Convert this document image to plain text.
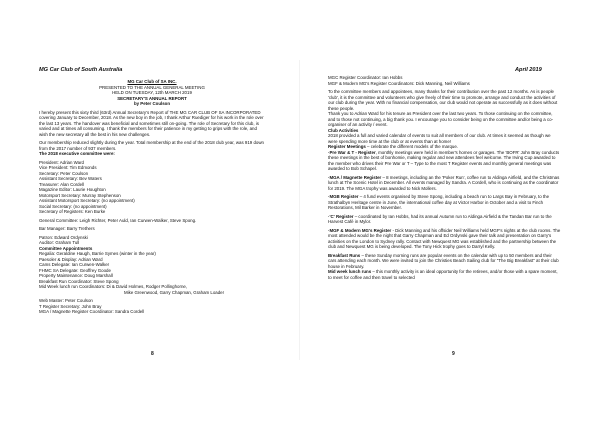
MG Car Club of South Australia

MG Car Club of SA INC.

PRESENTED TO THE ANNUAL GENERAL MEETING

HELD ON TUESDAY, 12th MARCH 2019

SECRETARY'S ANNUAL REPORT

by Peter Coulson

I hereby present this sixty third (63rd) Annual Secretary's Report of THE MG CAR CLUB OF SA INCORPORATED covering January to December, 2018. As the new boy in the job, I thank Arthur Ruediger for his work in the role over the last 13 years. The handover was beneficial and sometimes still on-going. The role of Secretary for this club, is varied and at times all consuming. I thank the members for their patience in my getting to grips with the role, and wish the new secretary all the best in his new challenges.

Our membership reduced slightly during the year. Total membership at the end of the 2018 club year, was 919 down from the 2017 number of 937 members.

The 2018 executive committee were:

President: Adrian Ward

Vice President: Tim Edmonds

Secretary: Peter Coulson

Assistant Secretary: Bev Waters

Treasurer: Alan Cordell

Magazine Editor: Laurie Houghton

Motorsport Secretary: Murray Stephenson

Assistant Motorsport Secretary: (no appointment)

Social Secretary: (no appointment)

Secretary of Registers: Ken Burke

General Committee: Leigh Richter, Peter Auld, Ian Curwen-Walker, Steve Spong.

Bar Manager: Barry Trethers

Patron: Edward Ordynski

Auditor: Graham Tull

Committee Appointments

Regalia: Geraldine Haugh, Barrie Symes (winter in the year)

Paesoler & Display: Adrian Ward

Cams Delegate: Ian Curwen-Walker

FHMC SA Delegate: Geoffrey Goode

Property Maintenance: Doug Marshall

Breakfast Run Coordinator: Steve Spong

Mid Week lunch run Coordinators: Di & David Holmes, Rodger Pollinghorne,

Mike Greenwood, Garry Chapman, Graham Loader

Web Master: Peter Coulson

T Register Secretary: John Bray

MGA / Magnette Register Coordinator: Sandra Cordell

8
April 2019

MGC Register Coordinator: Ian Hobbs

MGF & Modern MG's Register Coordinators: Dick Manning, Neil Williams

To the committee members and appointees, many thanks for their contribution over the past 12 months. As is people 'club', it is the committee and volunteers who give freely of their time to promote, arrange and conduct the activities of our club during the year. With no financial compensation, our club would not operate as successfully as it does without these people.

Thank you to Adrian Ward for his tenure as President over the last two years. To those continuing on the committee, and to those not continuing, a big thank you. I encourage you to consider being on the committee and/or being a co-organiser of an activity / event.

Club Activities

2018 provided a full and varied calendar of events to suit all members of our club. At times it seemed as though we were spending more time at the club or at events than at home!

Register Meetings – celebrate the different models of the marque.

·Pre War & T - Register, monthly meetings were held in member's homes or garages. The 'BOFR' John Bray conducts these meetings in the best of bonhomie, making regular and new attendees feel welcome. The Irving Cup awarded to the member who drives their Pre War or T – Type to the most T Register events and monthly general meetings was awarded to Bob Schapel.

·MGA / Magnette Register – 8 meetings, including an the 'Poker Run', coffee run to Aldinga Airfield, and the Christmas lunch at The Scenic Hotel in December. All events managed by Sandra. A Cordell, who is continuing as the coordinator for 2019. The MGA trophy was awarded to Nick Mollers.

·MGB Register – 4 fund events organised by Steve Spong, including a beach run to Largs Bay in February, to the Strathalbyn Heritage centre in June, the international coffee day at Victor Harbor in October and a visit to Finch Restorations, Mil Barker in November.

·'C' Register – coordinated by Ian Hobbs, had its annual Autumn run to Aldinga Airfield & the Tandan Bar run to the Harvest Café in Mylor.

·MGF & Modern MG's Register - Dick Manning and his offsider Neil Williams held MGF's nights at the club rooms. The most attended would be the night that Garry Chapman and Ed Ordynski gave their talk and presentation on Garry's activities on the London to Sydney rally. Contact with Newquest MG was established and the partnership between the club and Newquest MG is being developed. The Tony Hick trophy goes to Darryl Kelly.

Breakfast Runs – these Sunday morning runs are popular events on the calendar with up to 50 members and their cars attending each month. We were invited to join the Christies Beach Sailing club for "The Big Breakfast" at their club house in February.

Mid week lunch runs – this monthly activity is an ideal opportunity for the retirees, and/or those with a spare moment, to meet for coffee and then travel to selected

9
